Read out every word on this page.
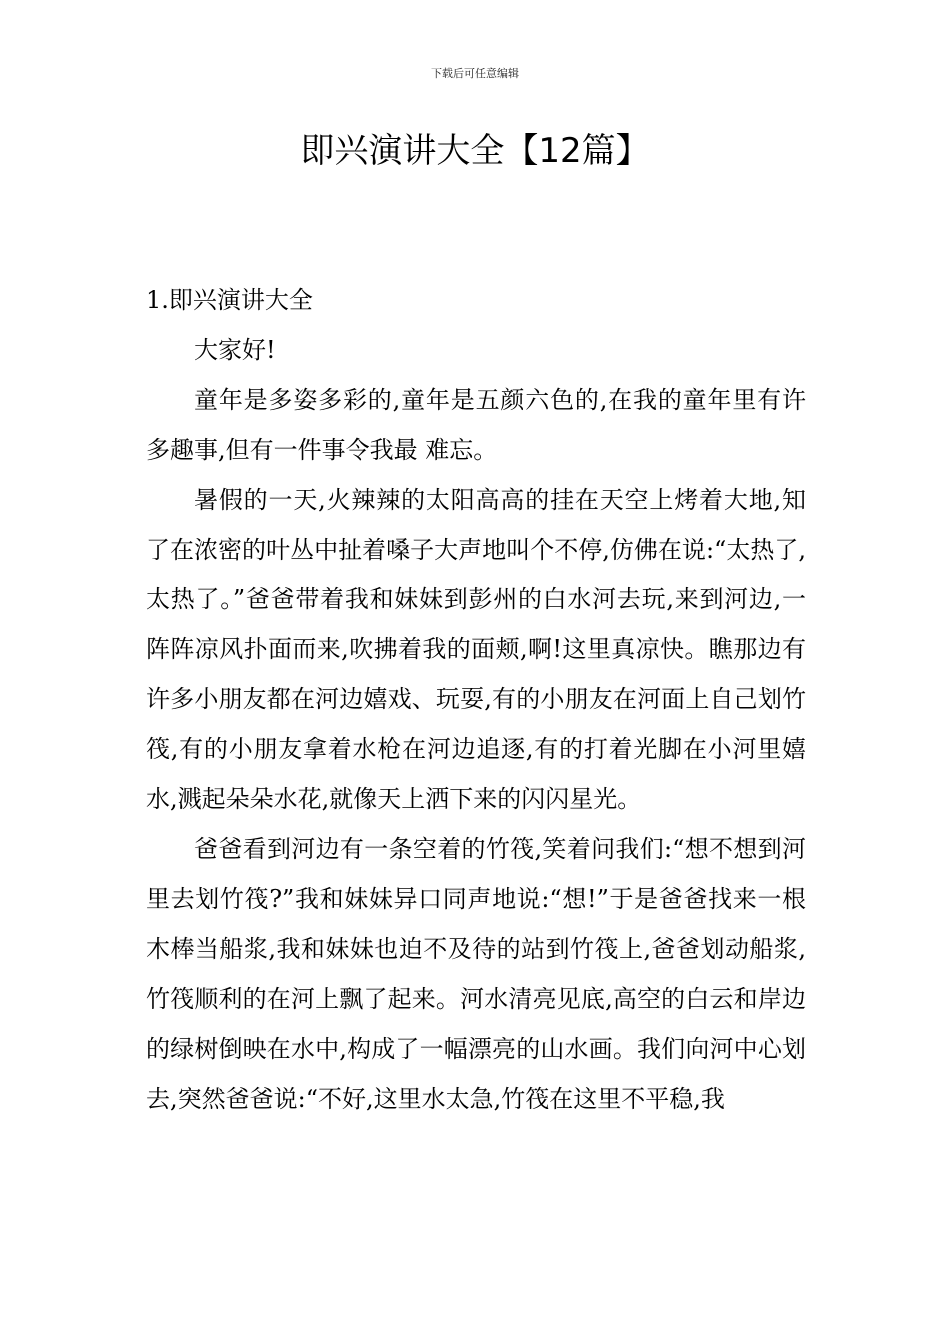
下载后可任意编辑
即兴演讲大全【12篇】
1.即兴演讲大全

大家好!

童年是多姿多彩的,童年是五颜六色的,在我的童年里有许多趣事,但有一件事令我最 难忘。

暑假的一天,火辣辣的太阳高高的挂在天空上烤着大地,知了在浓密的叶丛中扯着嗓子大声地叫个不停,仿佛在说:“太热了,太热了。”爸爸带着我和妹妹到彭州的白水河去玩,来到河边,一阵阵凉风扑面而来,吹拂着我的面颊,啊!这里真凉快。瞧那边有许多小朋友都在河边嬉戏、玩耍,有的小朋友在河面上自己划竹筏,有的小朋友拿着水枪在河边追逐,有的打着光脚在小河里嬉水,溅起朵朵水花,就像天上洒下来的闪闪星光。

爸爸看到河边有一条空着的竹筏,笑着问我们:“想不想到河里去划竹筏?”我和妹妹异口同声地说:“想!”于是爸爸找来一根木棒当船浆,我和妹妹也迫不及待的站到竹筏上,爸爸划动船浆,竹筏顺利的在河上飘了起来。河水清亮见底,高空的白云和岸边的绿树倒映在水中,构成了一幅漂亮的山水画。我们向河中心划去,突然爸爸说:“不好,这里水太急,竹筏在这里不平稳,我
